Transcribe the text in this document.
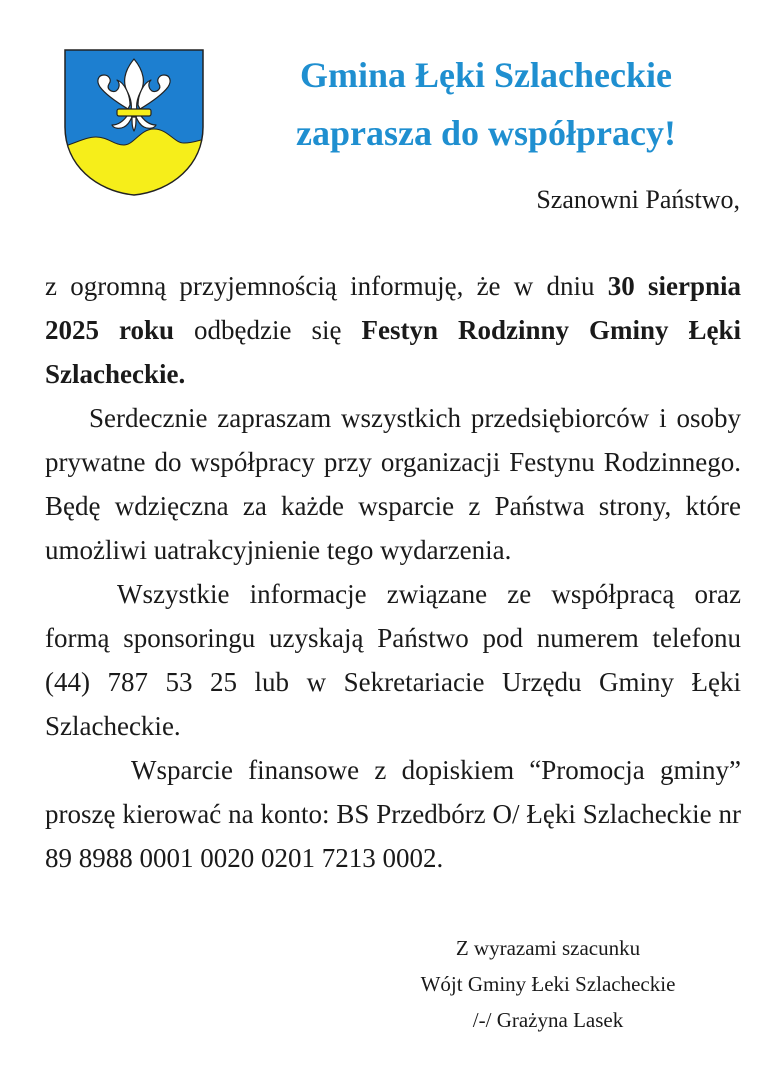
Gmina Łęki Szlacheckie
zaprasza do współpracy!
Szanowni Państwo,

z ogromną przyjemnością informuję, że w dniu 30 sierpnia 2025 roku odbędzie się Festyn Rodzinny Gminy Łęki Szlacheckie.

Serdecznie zapraszam wszystkich przedsiębiorców i osoby prywatne do współpracy przy organizacji Festynu Rodzinnego. Będę wdzięczna za każde wsparcie z Państwa strony, które umożliwi uatrakcyjnienie tego wydarzenia.

Wszystkie informacje związane ze współpracą oraz formą sponsoringu uzyskają Państwo pod numerem telefonu (44) 787 53 25 lub w Sekretariacie Urzędu Gminy Łęki Szlacheckie.

Wsparcie finansowe z dopiskiem “Promocja gminy” proszę kierować na konto: BS Przedbórz O/ Łęki Szlacheckie nr 89 8988 0001 0020 0201 7213 0002.

Z wyrazami szacunku
Wójt Gminy Łeki Szlacheckie
/-/ Grażyna Lasek
